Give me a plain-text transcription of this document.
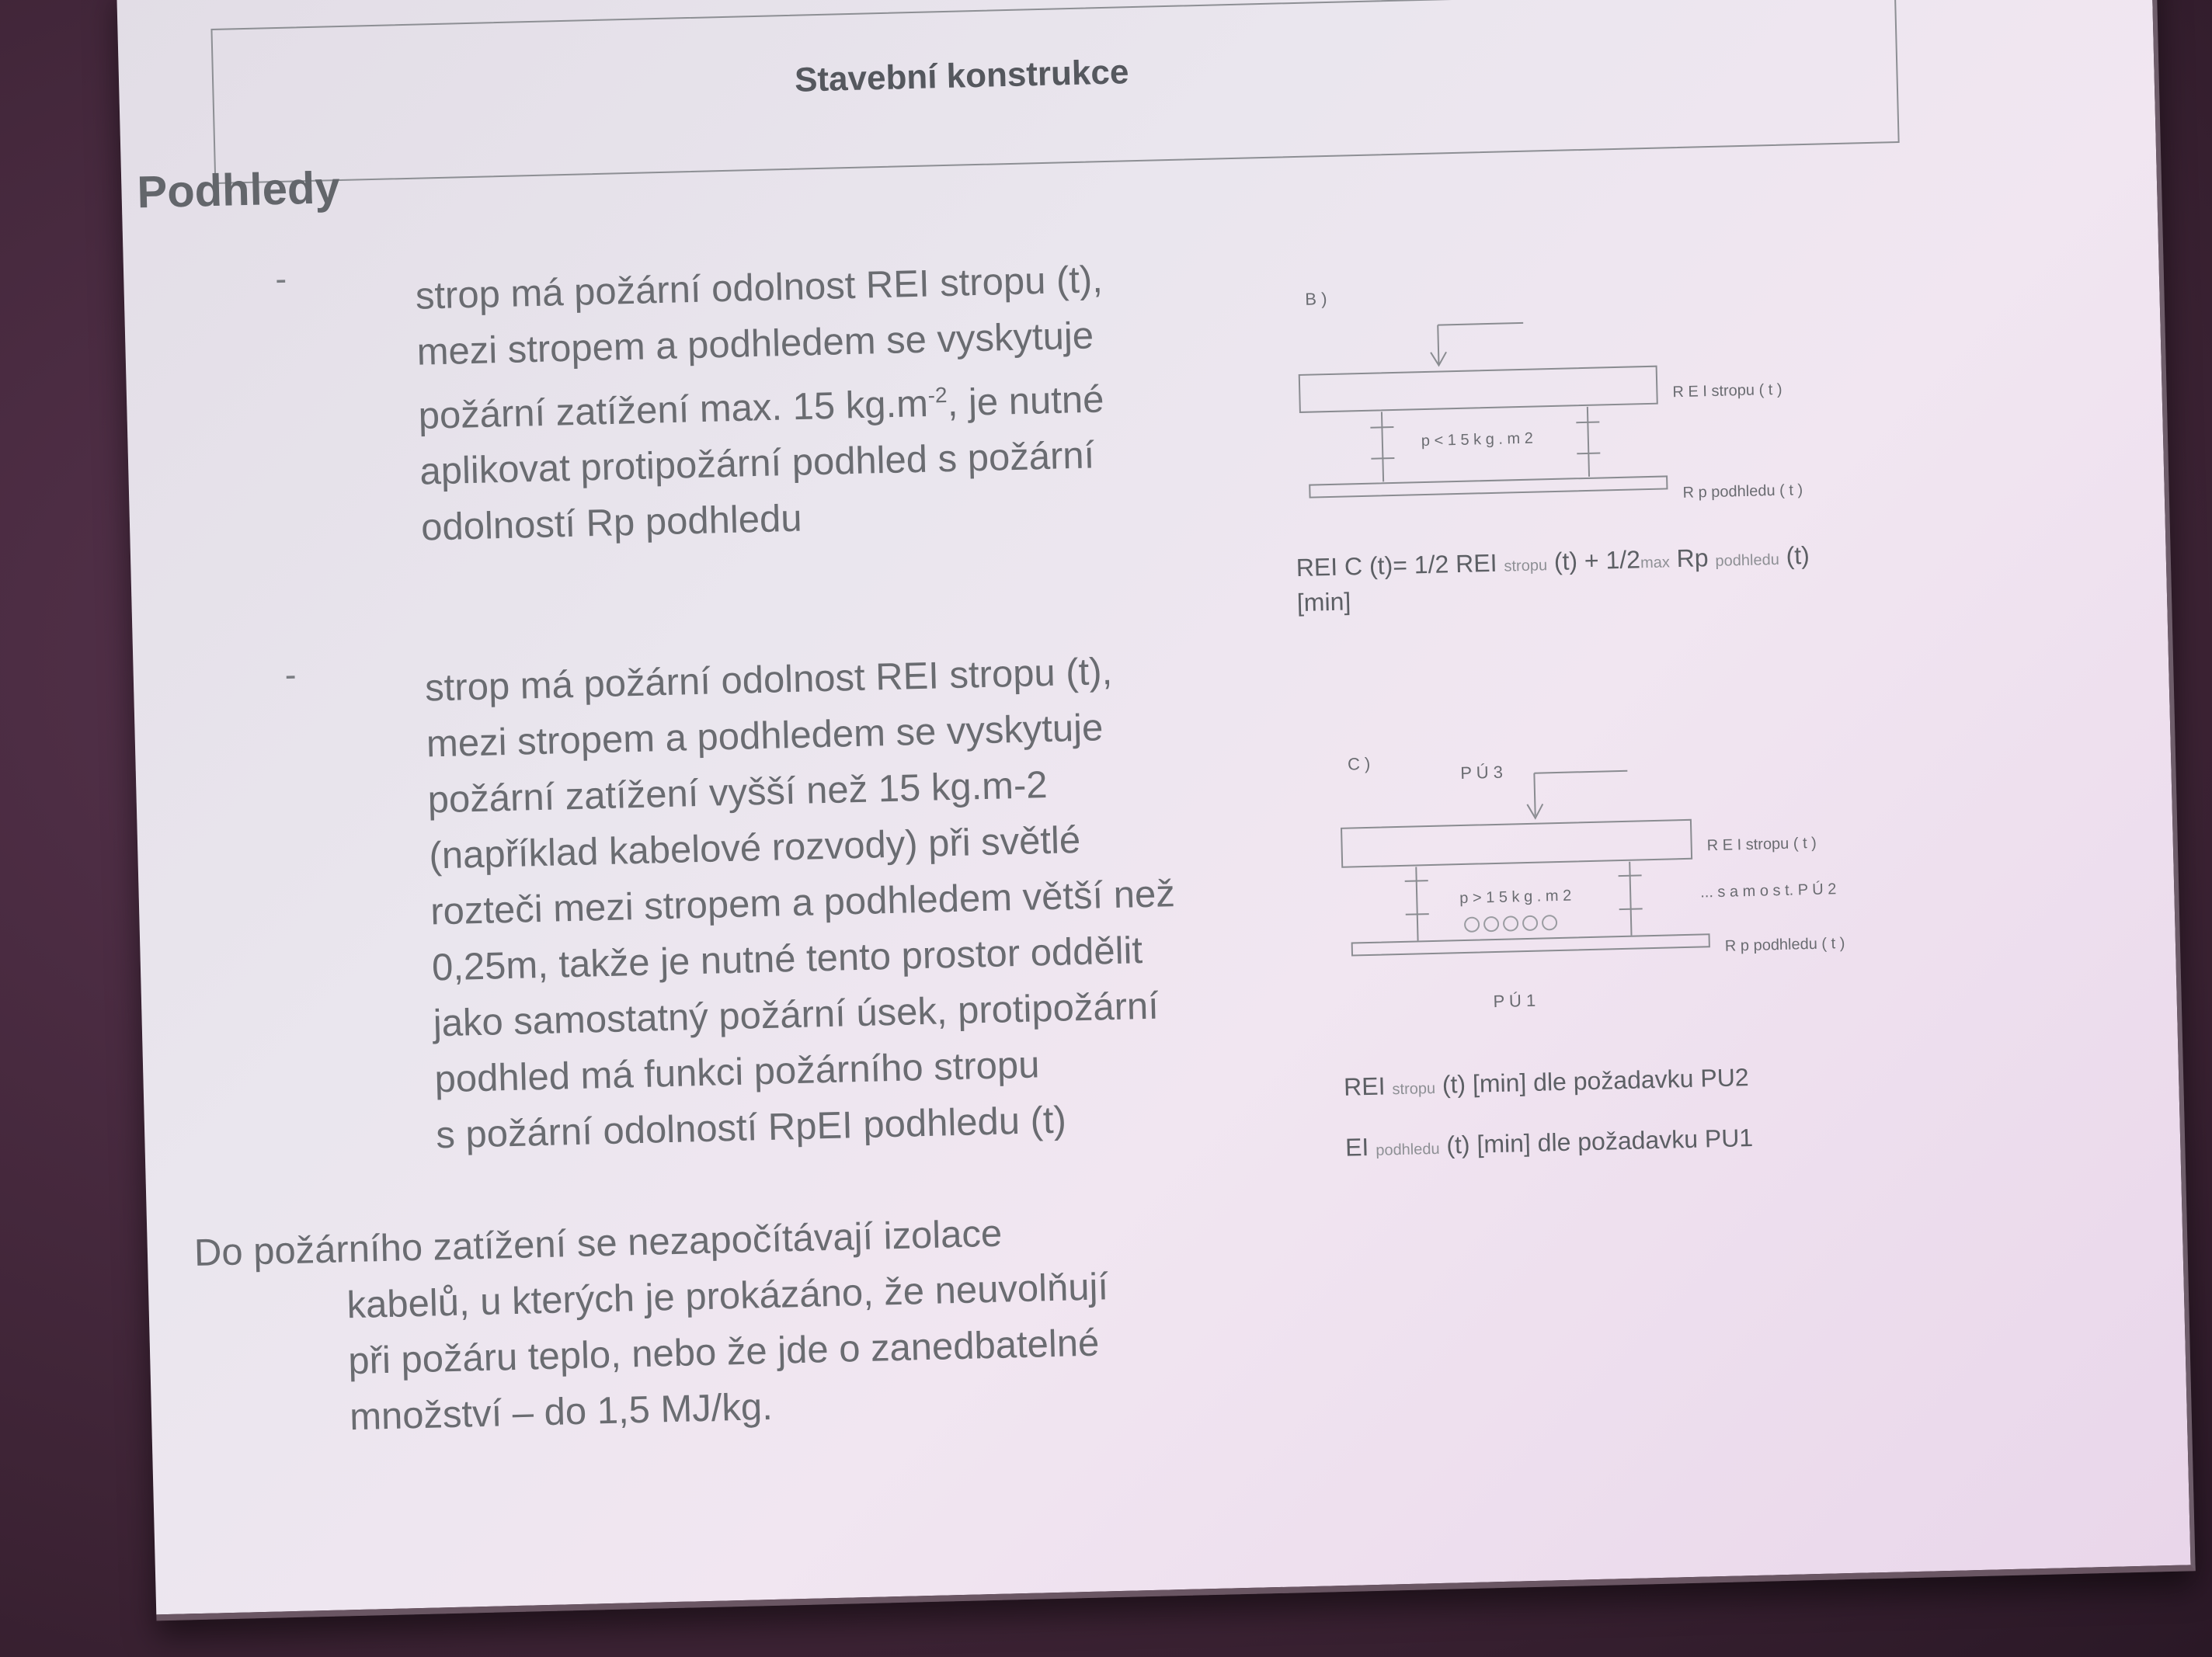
Stavební konstrukce
Podhledy
-	strop má požární odolnost REI stropu (t),
mezi stropem a podhledem se vyskytuje
požární zatížení max. 15 $kg.m^{-2}$, je nutné
aplikovat protipožární podhled s požární
odolností Rp podhledu
-	strop má požární odolnost REI stropu (t),
mezi stropem a podhledem se vyskytuje
požární zatížení vyšší než 15 kg.m-2
(například kabelové rozvody) při světlé
rozteči mezi stropem a podhledem větší než
0,25m, takže je nutné tento prostor oddělit
jako samostatný požární úsek, protipožární
podhled má funkci požárního stropu
s požární odolností RpEI podhledu (t)
Do požárního zatížení se nezapočítávají izolace
kabelů, u kterých je prokázáno, že neuvolňují
při požáru teplo, nebo že jde o zanedbatelné
množství – do 1,5 MJ/kg.
B )
R E I stropu ( t )
p < 1 5 k g . m 2
R p podhledu ( t )
REI C (t)= 1/2 REI stropu (t) + 1/2max Rp podhledu (t)
[min]
C )	P Ú 3
R E I stropu ( t )
p > 1 5 k g . m 2	... s a m o s t. P Ú 2
R p podhledu ( t )
P Ú 1
REI stropu (t) [min] dle požadavku PU2
EI podhledu (t) [min] dle požadavku PU1
